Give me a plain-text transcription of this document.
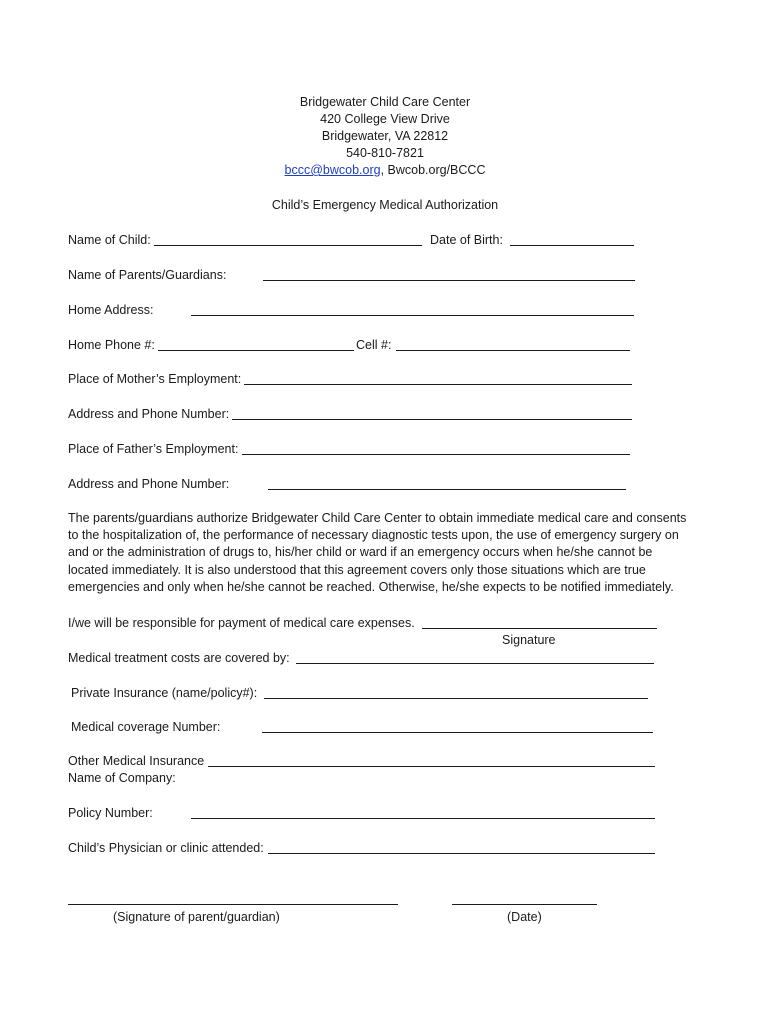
Bridgewater Child Care Center
420 College View Drive
Bridgewater, VA 22812
540-810-7821
bccc@bwcob.org, Bwcob.org/BCCC
Child’s Emergency Medical Authorization
Name of Child:	Date of Birth:
Name of Parents/Guardians:
Home Address:
Home Phone #:	Cell #:
Place of Mother’s Employment:
Address and Phone Number:
Place of Father’s Employment:
Address and Phone Number:
The parents/guardians authorize Bridgewater Child Care Center to obtain immediate medical care and consents
to the hospitalization of, the performance of necessary diagnostic tests upon, the use of emergency surgery on
and or the administration of drugs to, his/her child or ward if an emergency occurs when he/she cannot be
located immediately. It is also understood that this agreement covers only those situations which are true
emergencies and only when he/she cannot be reached. Otherwise, he/she expects to be notified immediately.
I/we will be responsible for payment of medical care expenses.
Signature
Medical treatment costs are covered by:
Private Insurance (name/policy#):
Medical coverage Number:
Other Medical Insurance
Name of Company:
Policy Number:
Child’s Physician or clinic attended:
(Signature of parent/guardian)	(Date)
